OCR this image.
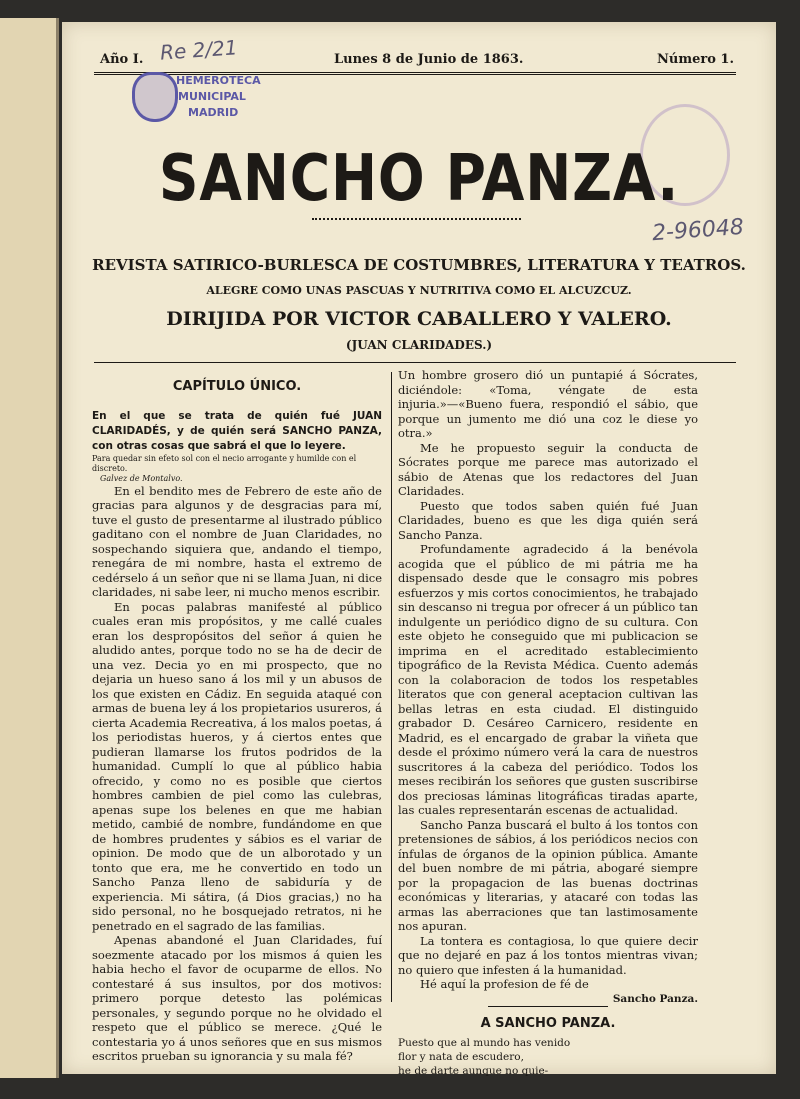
Año I.	Lunes 8 de Junio de 1863.	Número 1.
Re 2/21
2-96048
HEMEROTECA
MUNICIPAL
MADRID
SANCHO PANZA.
REVISTA SATIRICO-BURLESCA DE COSTUMBRES, LITERATURA Y TEATROS.
ALEGRE COMO UNAS PASCUAS Y NUTRITIVA COMO EL ALCUZCUZ.
DIRIJIDA POR VICTOR CABALLERO Y VALERO.
(JUAN CLARIDADES.)
CAPÍTULO ÚNICO.

En el que se trata de quién fué JUAN CLARIDADÉS, y de quién será SANCHO PANZA, con otras cosas que sabrá el que lo leyere.

Para quedar sin efeto sol con el necio arrogante y humilde con el discreto.
Galvez de Montalvo.

En el bendito mes de Febrero de este año de gracias para algunos y de desgracias para mí, tuve el gusto de presentarme al ilustrado público gaditano con el nombre de Juan Claridades, no sospechando siquiera que, andando el tiempo, renegára de mi nombre, hasta el extremo de cedérselo á un señor que ni se llama Juan, ni dice claridades, ni sabe leer, ni mucho menos escribir.

En pocas palabras manifesté al público cuales eran mis propósitos, y me callé cuales eran los despropósitos del señor á quien he aludido antes, porque todo no se ha de decir de una vez. Decia yo en mi prospecto, que no dejaria un hueso sano á los mil y un abusos de los que existen en Cádiz. En seguida ataqué con armas de buena ley á los propietarios usureros, á cierta Academia Recreativa, á los malos poetas, á los periodistas hueros, y á ciertos entes que pudieran llamarse los frutos podridos de la humanidad. Cumplí lo que al público habia ofrecido, y como no es posible que ciertos hombres cambien de piel como las culebras, apenas supe los belenes en que me habian metido, cambié de nombre, fundándome en que de hombres prudentes y sábios es el variar de opinion. De modo que de un alborotado y un tonto que era, me he convertido en todo un Sancho Panza lleno de sabiduría y de experiencia. Mi sátira, (á Dios gracias,) no ha sido personal, no he bosquejado retratos, ni he penetrado en el sagrado de las familias.

Apenas abandoné el Juan Claridades, fuí soezmente atacado por los mismos á quien les habia hecho el favor de ocuparme de ellos. No contestaré á sus insultos, por dos motivos: primero porque detesto las polémicas personales, y segundo porque no he olvidado el respeto que el público se merece. ¿Qué le contestaria yo á unos señores que en sus mismos escritos prueban su ignorancia y su mala fé?

Un hombre grosero dió un puntapié á Sócrates, diciéndole: «Toma, véngate de esta injuria.»—«Bueno fuera, respondió el sábio, que porque un jumento me dió una coz le diese yo otra.»

Me he propuesto seguir la conducta de Sócrates porque me parece mas autorizado el sábio de Atenas que los redactores del Juan Claridades.

Puesto que todos saben quién fué Juan Claridades, bueno es que les diga quién será Sancho Panza.

Profundamente agradecido á la benévola acogida que el público de mi pátria me ha dispensado desde que le consagro mis pobres esfuerzos y mis cortos conocimientos, he trabajado sin descanso ni tregua por ofrecer á un público tan indulgente un periódico digno de su cultura. Con este objeto he conseguido que mi publicacion se imprima en el acreditado establecimiento tipográfico de la Revista Médica. Cuento además con la colaboracion de todos los respetables literatos que con general aceptacion cultivan las bellas letras en esta ciudad. El distinguido grabador D. Cesáreo Carnicero, residente en Madrid, es el encargado de grabar la viñeta que desde el próximo número verá la cara de nuestros suscritores á la cabeza del periódico. Todos los meses recibirán los señores que gusten suscribirse dos preciosas láminas litográficas tiradas aparte, las cuales representarán escenas de actualidad.

Sancho Panza buscará el bulto á los tontos con pretensiones de sábios, á los periódicos necios con ínfulas de órganos de la opinion pública. Amante del buen nombre de mi pátria, abogaré siempre por la propagacion de las buenas doctrinas económicas y literarias, y atacaré con todas las armas las aberraciones que tan lastimosamente nos apuran.

La tontera es contagiosa, lo que quiere decir que no dejaré en paz á los tontos mientras vivan; no quiero que infesten á la humanidad.

Hé aquí la profesion de fé de

Sancho Panza.

A SANCHO PANZA.

Puesto que al mundo has venido
flor y nata de escudero,
he de darte aunque no quie-
